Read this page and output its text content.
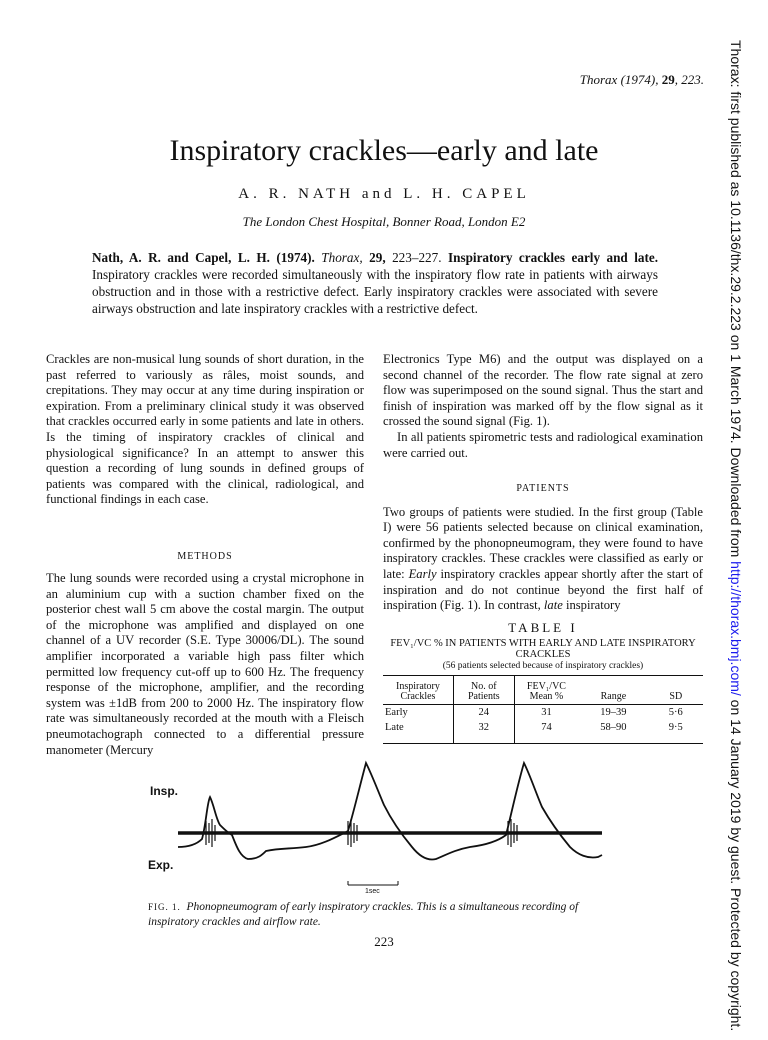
Thorax (1974), 29, 223.
Inspiratory crackles—early and late
A. R. NATH and L. H. CAPEL
The London Chest Hospital, Bonner Road, London E2
Nath, A. R. and Capel, L. H. (1974). Thorax, 29, 223–227. Inspiratory crackles early and late. Inspiratory crackles were recorded simultaneously with the inspiratory flow rate in patients with airways obstruction and in those with a restrictive defect. Early inspiratory crackles were associated with severe airways obstruction and late inspiratory crackles with a restrictive defect.
Crackles are non-musical lung sounds of short duration, in the past referred to variously as râles, moist sounds, and crepitations. They may occur at any time during inspiration or expiration. From a preliminary clinical study it was observed that crackles occurred early in some patients and late in others. Is the timing of inspiratory crackles of clinical and physiological significance? In an attempt to answer this question a recording of lung sounds in defined groups of patients was compared with the clinical, radiological, and functional findings in each case.
METHODS
The lung sounds were recorded using a crystal microphone in an aluminium cup with a suction chamber fixed on the posterior chest wall 5 cm above the costal margin. The output of the microphone was amplified and displayed on one channel of a UV recorder (S.E. Type 30006/DL). The sound amplifier incorporated a variable high pass filter which permitted low frequency cut-off up to 600 Hz. The frequency response of the microphone, amplifier, and the recording system was ±1dB from 200 to 2000 Hz. The inspiratory flow rate was simultaneously recorded at the mouth with a Fleisch pneumotachograph connected to a differential pressure manometer (Mercury

Electronics Type M6) and the output was displayed on a second channel of the recorder. The flow rate signal at zero flow was superimposed on the sound signal. Thus the start and finish of inspiration was marked off by the flow signal as it crossed the sound signal (Fig. 1).

In all patients spirometric tests and radiological examination were carried out.

PATIENTS

Two groups of patients were studied. In the first group (Table I) were 56 patients selected because on clinical examination, confirmed by the phonopneumogram, they were found to have inspiratory crackles. These crackles were classified as early or late: Early inspiratory crackles appear shortly after the start of inspiration and do not continue beyond the first half of inspiration (Fig. 1). In contrast, late inspiratory

TABLE I
FEV₁/VC % IN PATIENTS WITH EARLY AND LATE INSPIRATORY CRACKLES
(56 patients selected because of inspiratory crackles)
Inspiratory Crackles	No. of Patients	FEV₁/VC Mean %	Range	SD
Early	24	31	19–39	5·6
Late	32	74	58–90	9·5
Insp.
Exp.
1sec
FIG. 1. Phonopneumogram of early inspiratory crackles. This is a simultaneous recording of inspiratory crackles and airflow rate.
223
Thorax: first published as 10.1136/thx.29.2.223 on 1 March 1974. Downloaded from http://thorax.bmj.com/ on 14 January 2019 by guest. Protected by copyright.
